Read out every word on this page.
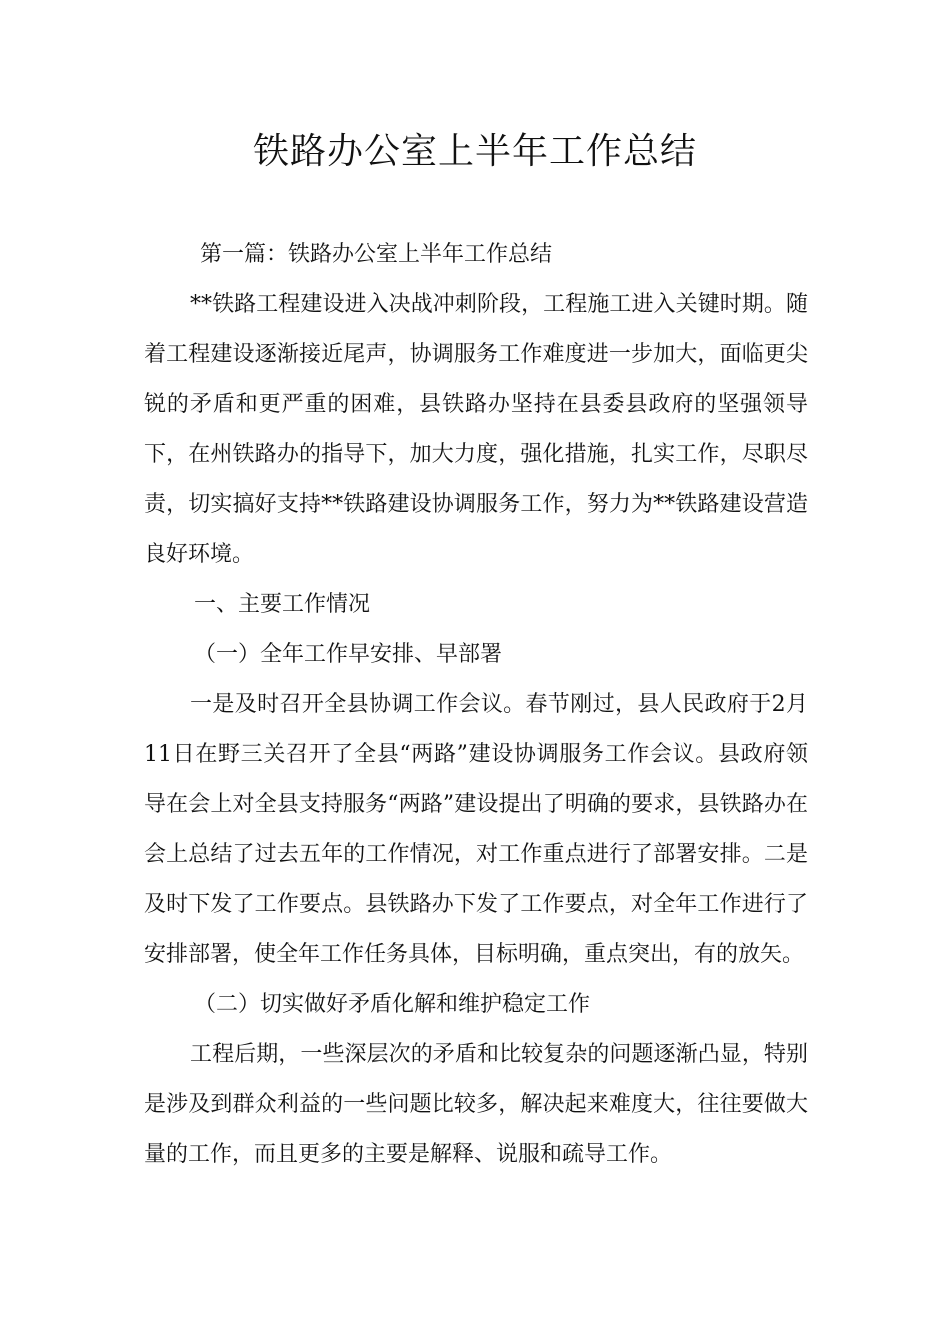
铁路办公室上半年工作总结

第一篇：铁路办公室上半年工作总结

**铁路工程建设进入决战冲刺阶段，工程施工进入关键时期。随着工程建设逐渐接近尾声，协调服务工作难度进一步加大，面临更尖锐的矛盾和更严重的困难，县铁路办坚持在县委县政府的坚强领导下，在州铁路办的指导下，加大力度，强化措施，扎实工作，尽职尽责，切实搞好支持**铁路建设协调服务工作，努力为**铁路建设营造良好环境。

一、主要工作情况

（一）全年工作早安排、早部署

一是及时召开全县协调工作会议。春节刚过，县人民政府于2月11日在野三关召开了全县“两路”建设协调服务工作会议。县政府领导在会上对全县支持服务“两路”建设提出了明确的要求，县铁路办在会上总结了过去五年的工作情况，对工作重点进行了部署安排。二是及时下发了工作要点。县铁路办下发了工作要点，对全年工作进行了安排部署，使全年工作任务具体，目标明确，重点突出，有的放矢。

（二）切实做好矛盾化解和维护稳定工作

工程后期，一些深层次的矛盾和比较复杂的问题逐渐凸显，特别是涉及到群众利益的一些问题比较多，解决起来难度大，往往要做大量的工作，而且更多的主要是解释、说服和疏导工作。
